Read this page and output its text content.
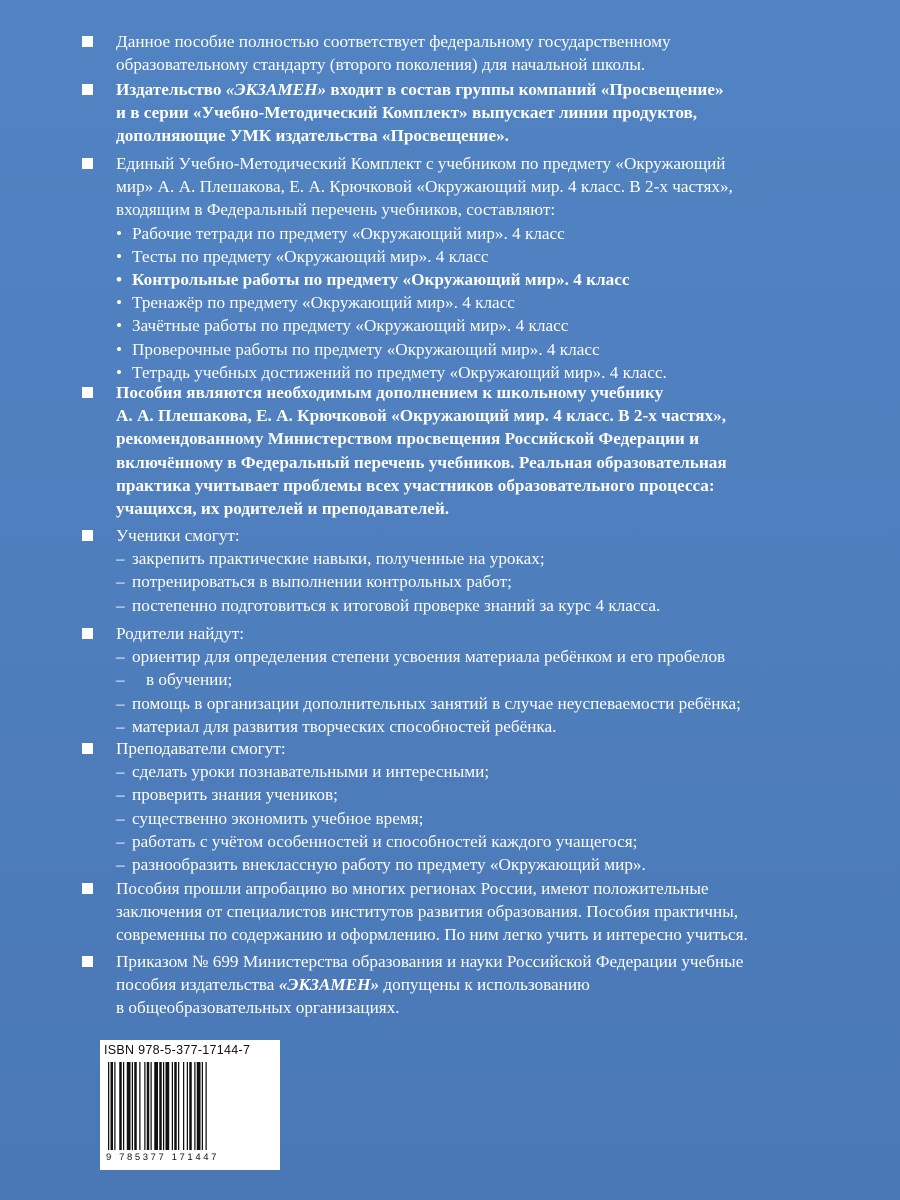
Данное пособие полностью соответствует федеральному государственному

образовательному стандарту (второго поколения) для начальной школы.

Издательство «ЭКЗАМЕН» входит в состав группы компаний «Просвещение»

и в серии «Учебно-Методический Комплект» выпускает линии продуктов,

дополняющие УМК издательства «Просвещение».

Единый Учебно-Методический Комплект с учебником по предмету «Окружающий

мир» А. А. Плешакова, Е. А. Крючковой «Окружающий мир. 4 класс. В 2-х частях»,

входящим в Федеральный перечень учебников, составляют:

• Рабочие тетради по предмету «Окружающий мир». 4 класс
• Тесты по предмету «Окружающий мир». 4 класс
• Контрольные работы по предмету «Окружающий мир». 4 класс
• Тренажёр по предмету «Окружающий мир». 4 класс
• Зачётные работы по предмету «Окружающий мир». 4 класс
• Проверочные работы по предмету «Окружающий мир». 4 класс
• Тетрадь учебных достижений по предмету «Окружающий мир». 4 класс.

Пособия являются необходимым дополнением к школьному учебнику

А. А. Плешакова, Е. А. Крючковой «Окружающий мир. 4 класс. В 2-х частях»,

рекомендованному Министерством просвещения Российской Федерации и

включённому в Федеральный перечень учебников. Реальная образовательная

практика учитывает проблемы всех участников образовательного процесса:

учащихся, их родителей и преподавателей.

Ученики смогут:

– закрепить практические навыки, полученные на уроках;
– потренироваться в выполнении контрольных работ;
– постепенно подготовиться к итоговой проверке знаний за курс 4 класса.

Родители найдут:

– ориентир для определения степени усвоения материала ребёнком и его пробелов
– в обучении;
– помощь в организации дополнительных занятий в случае неуспеваемости ребёнка;
– материал для развития творческих способностей ребёнка.

Преподаватели смогут:

– сделать уроки познавательными и интересными;
– проверить знания учеников;
– существенно экономить учебное время;
– работать с учётом особенностей и способностей каждого учащегося;
– разнообразить внеклассную работу по предмету «Окружающий мир».

Пособия прошли апробацию во многих регионах России, имеют положительные

заключения от специалистов институтов развития образования. Пособия практичны,

современны по содержанию и оформлению. По ним легко учить и интересно учиться.

Приказом № 699 Министерства образования и науки Российской Федерации учебные

пособия издательства «ЭКЗАМЕН» допущены к использованию

в общеобразовательных организациях.

ISBN 978-5-377-17144-7
9 785377 171447
